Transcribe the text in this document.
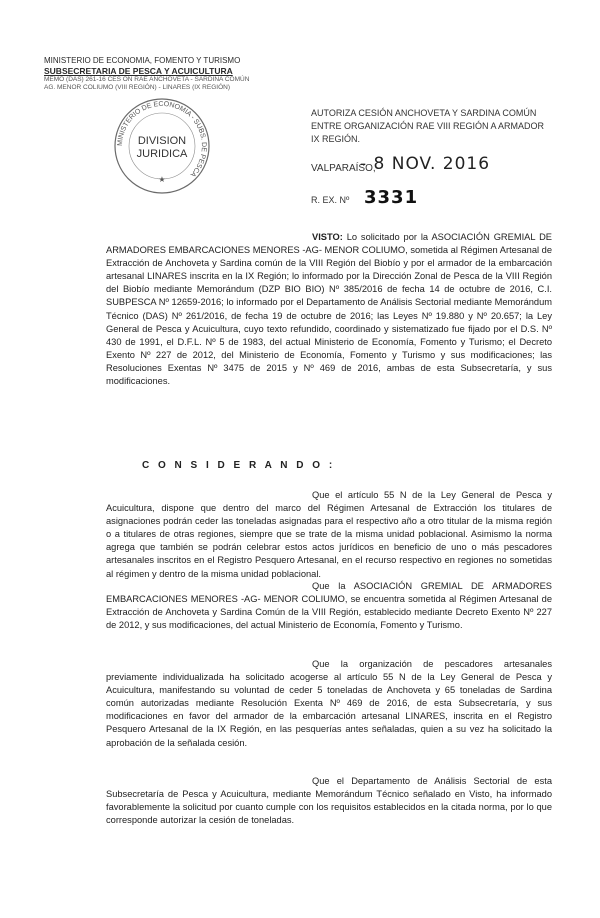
MINISTERIO DE ECONOMIA, FOMENTO Y TURISMO
SUBSECRETARIA DE PESCA Y ACUICULTURA
MEMO (DAS) 261-16 CES ON RAE ANCHOVETA - SARDINA COMÚN
AG. MENOR COLIUMO (VIII REGIÓN) - LINARES (IX REGIÓN)
MINISTERIO DE ECONOMIA - SUBS. DE PESCA
DIVISION
JURIDICA
★
AUTORIZA CESIÓN ANCHOVETA Y SARDINA COMÚN ENTRE ORGANIZACIÓN RAE VIII REGIÓN A ARMADOR IX REGIÓN.
VALPARAÍSO,
- 8 NOV. 2016
R. EX. Nº 3331
VISTO: Lo solicitado por la ASOCIACIÓN GREMIAL DE ARMADORES EMBARCACIONES MENORES -AG- MENOR COLIUMO, sometida al Régimen Artesanal de Extracción de Anchoveta y Sardina común de la VIII Región del Biobío y por el armador de la embarcación artesanal LINARES inscrita en la IX Región; lo informado por la Dirección Zonal de Pesca de la VIII Región del Biobío mediante Memorándum (DZP BIO BIO) Nº 385/2016 de fecha 14 de octubre de 2016, C.I. SUBPESCA Nº 12659-2016; lo informado por el Departamento de Análisis Sectorial mediante Memorándum Técnico (DAS) Nº 261/2016, de fecha 19 de octubre de 2016; las Leyes Nº 19.880 y Nº 20.657; la Ley General de Pesca y Acuicultura, cuyo texto refundido, coordinado y sistematizado fue fijado por el D.S. Nº 430 de 1991, el D.F.L. Nº 5 de 1983, del actual Ministerio de Economía, Fomento y Turismo; el Decreto Exento Nº 227 de 2012, del Ministerio de Economía, Fomento y Turismo y sus modificaciones; las Resoluciones Exentas Nº 3475 de 2015 y Nº 469 de 2016, ambas de esta Subsecretaría, y sus modificaciones.
C O N S I D E R A N D O :
Que el artículo 55 N de la Ley General de Pesca y Acuicultura, dispone que dentro del marco del Régimen Artesanal de Extracción los titulares de asignaciones podrán ceder las toneladas asignadas para el respectivo año a otro titular de la misma región o a titulares de otras regiones, siempre que se trate de la misma unidad poblacional. Asimismo la norma agrega que también se podrán celebrar estos actos jurídicos en beneficio de uno o más pescadores artesanales inscritos en el Registro Pesquero Artesanal, en el recurso respectivo en regiones no sometidas al régimen y dentro de la misma unidad poblacional.
Que la ASOCIACIÓN GREMIAL DE ARMADORES EMBARCACIONES MENORES -AG- MENOR COLIUMO, se encuentra sometida al Régimen Artesanal de Extracción de Anchoveta y Sardina Común de la VIII Región, establecido mediante Decreto Exento Nº 227 de 2012, y sus modificaciones, del actual Ministerio de Economía, Fomento y Turismo.
Que la organización de pescadores artesanales previamente individualizada ha solicitado acogerse al artículo 55 N de la Ley General de Pesca y Acuicultura, manifestando su voluntad de ceder 5 toneladas de Anchoveta y 65 toneladas de Sardina común autorizadas mediante Resolución Exenta Nº 469 de 2016, de esta Subsecretaría, y sus modificaciones en favor del armador de la embarcación artesanal LINARES, inscrita en el Registro Pesquero Artesanal de la IX Región, en las pesquerías antes señaladas, quien a su vez ha solicitado la aprobación de la señalada cesión.
Que el Departamento de Análisis Sectorial de esta Subsecretaría de Pesca y Acuicultura, mediante Memorándum Técnico señalado en Visto, ha informado favorablemente la solicitud por cuanto cumple con los requisitos establecidos en la citada norma, por lo que corresponde autorizar la cesión de toneladas.
